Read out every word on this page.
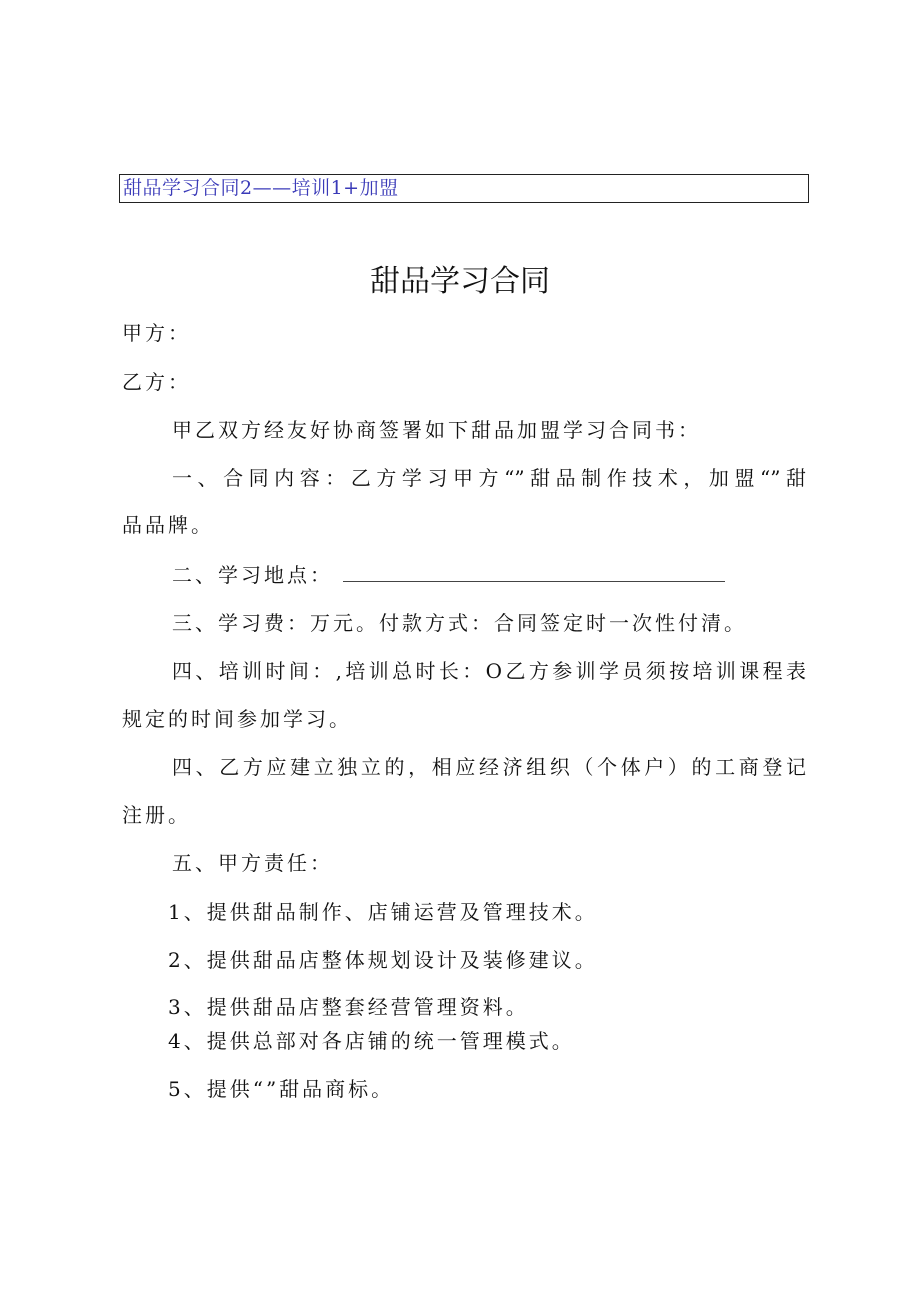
甜品学习合同2——培训1+加盟
甜品学习合同
甲方：
乙方：
甲乙双方经友好协商签署如下甜品加盟学习合同书：
一、合同内容：乙方学习甲方“”甜品制作技术，加盟“”甜
品品牌。
二、学习地点：
三、学习费：万元。付款方式：合同签定时一次性付清。
四、培训时间：,培训总时长：O乙方参训学员须按培训课程表
规定的时间参加学习。
四、乙方应建立独立的，相应经济组织（个体户）的工商登记
注册。
五、甲方责任：
1、提供甜品制作、店铺运营及管理技术。
2、提供甜品店整体规划设计及装修建议。
3、提供甜品店整套经营管理资料。
4、提供总部对各店铺的统一管理模式。
5、提供“”甜品商标。
